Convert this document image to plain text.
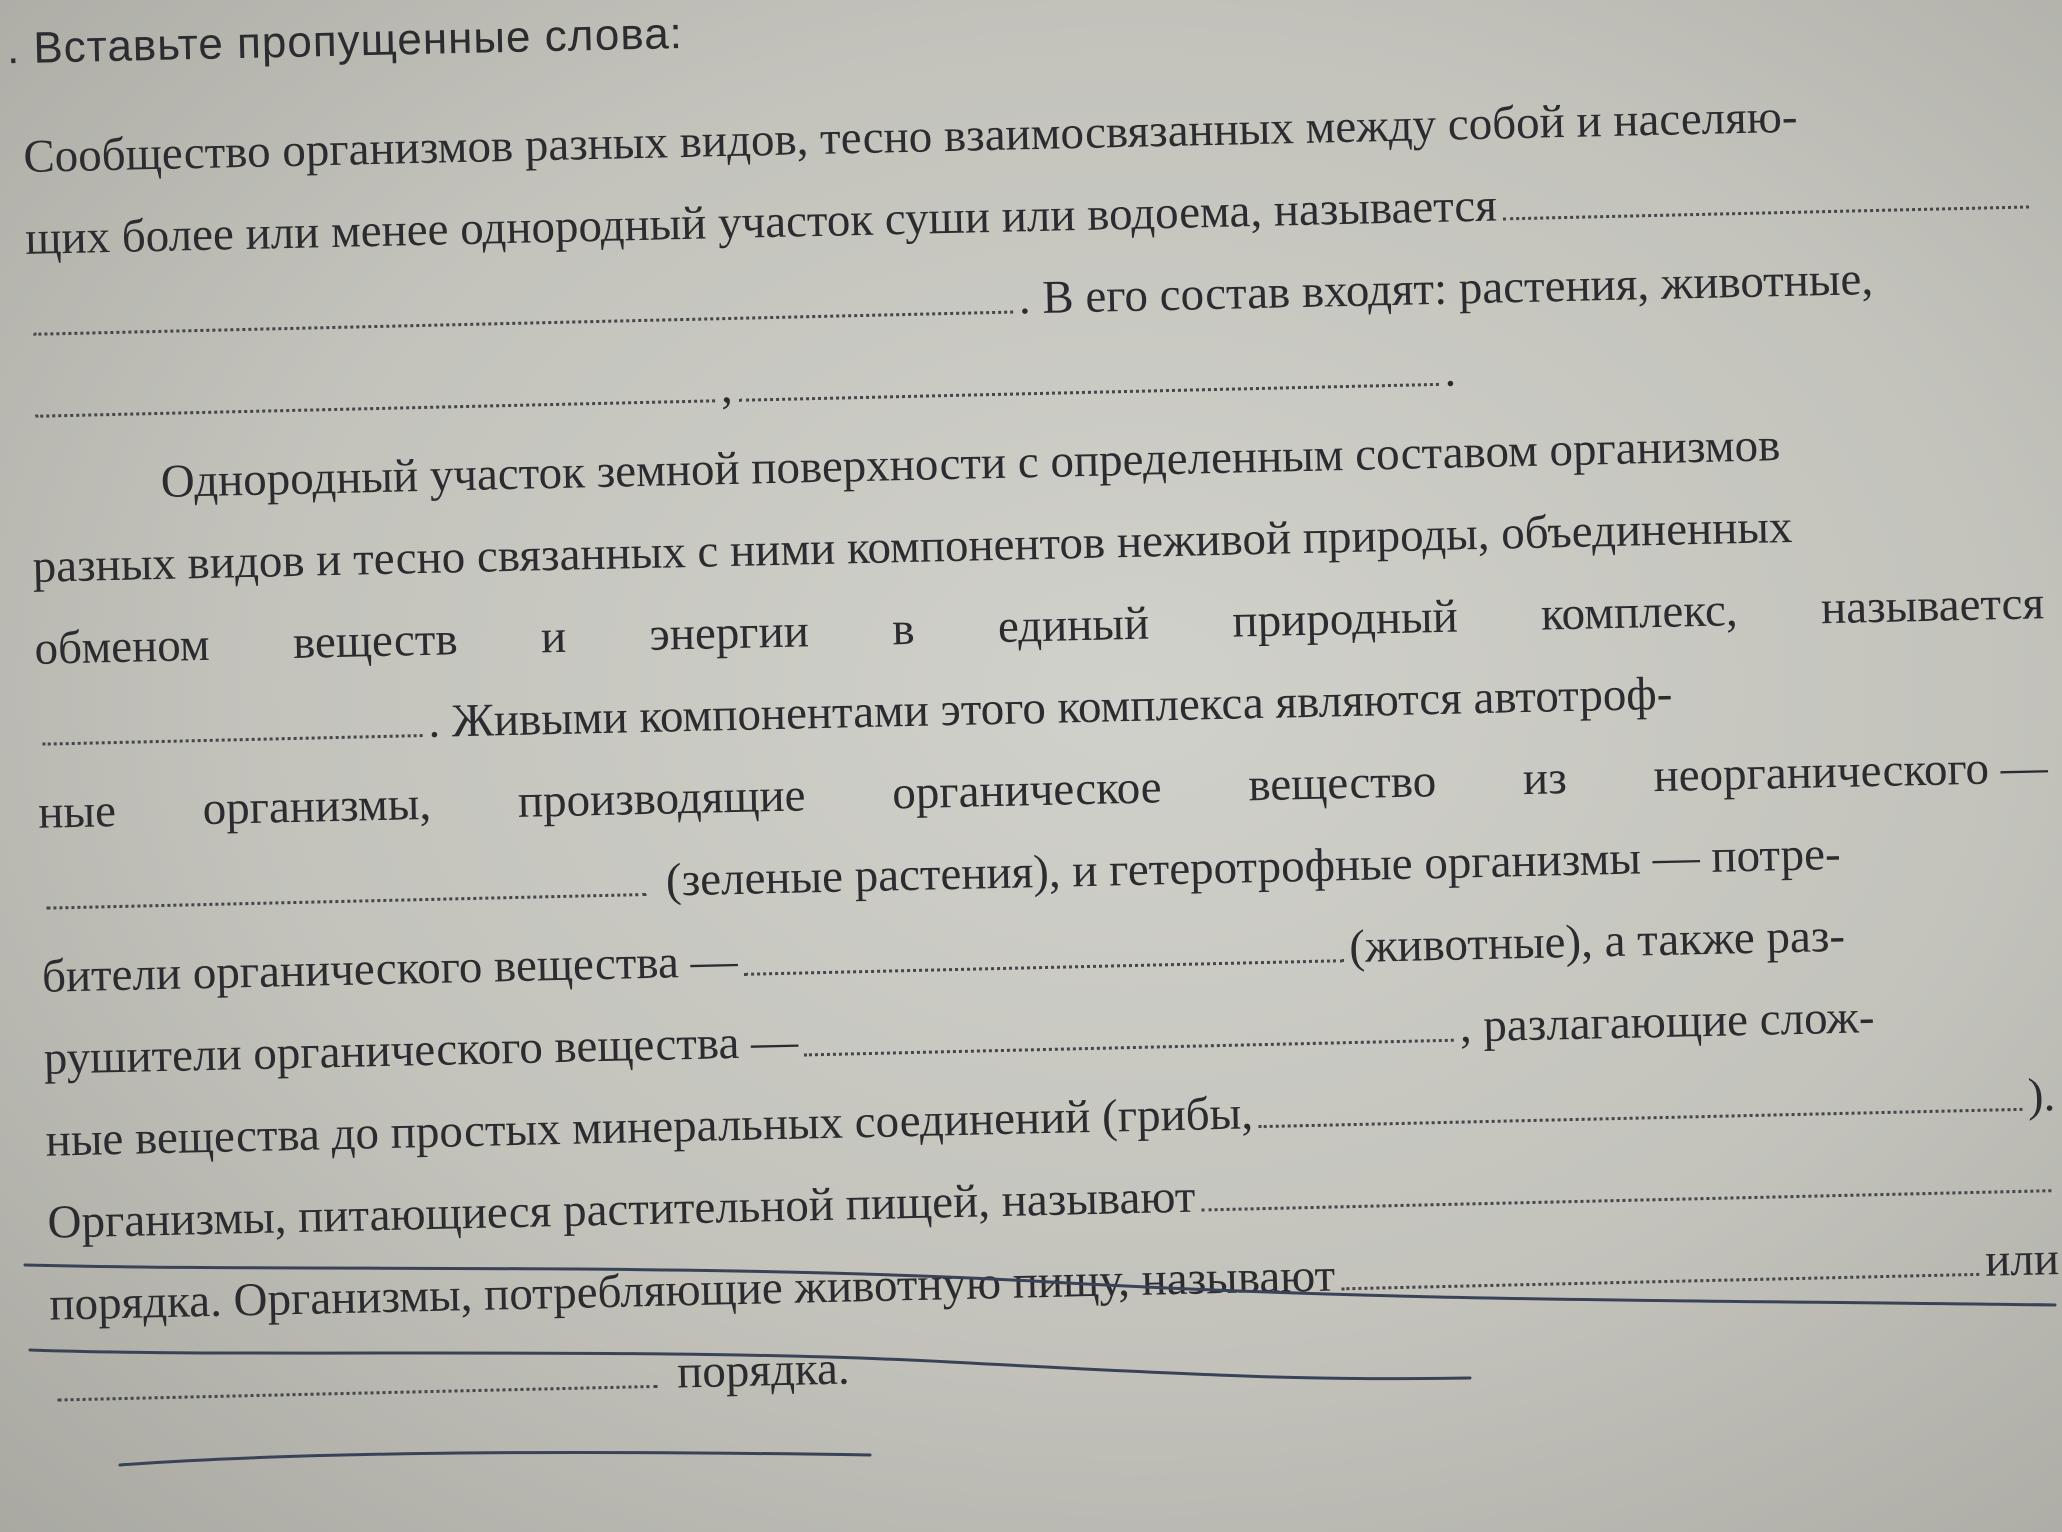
. Вставьте пропущенные слова:
Сообщество организмов разных видов, тесно взаимосвязанных между собой и населяю-
щих более или менее однородный участок суши или водоема, называется
. В его состав входят: растения, животные,
,	.
Однородный участок земной поверхности с определенным составом организмов
разных видов и тесно связанных с ними компонентов неживой природы, объединенных
обменом веществ и энергии в единый природный комплекс, называется
. Живыми компонентами этого комплекса являются автотроф-
ные организмы, производящие органическое вещество из неорганического —
(зеленые растения), и гетеротрофные организмы — потре-
бители органического вещества —	(животные), а также раз-
рушители органического вещества —	, разлагающие слож-
ные вещества до простых минеральных соединений (грибы,	).
Организмы, питающиеся растительной пищей, называют
порядка. Организмы, потребляющие животную пищу, называют	или
порядка.
